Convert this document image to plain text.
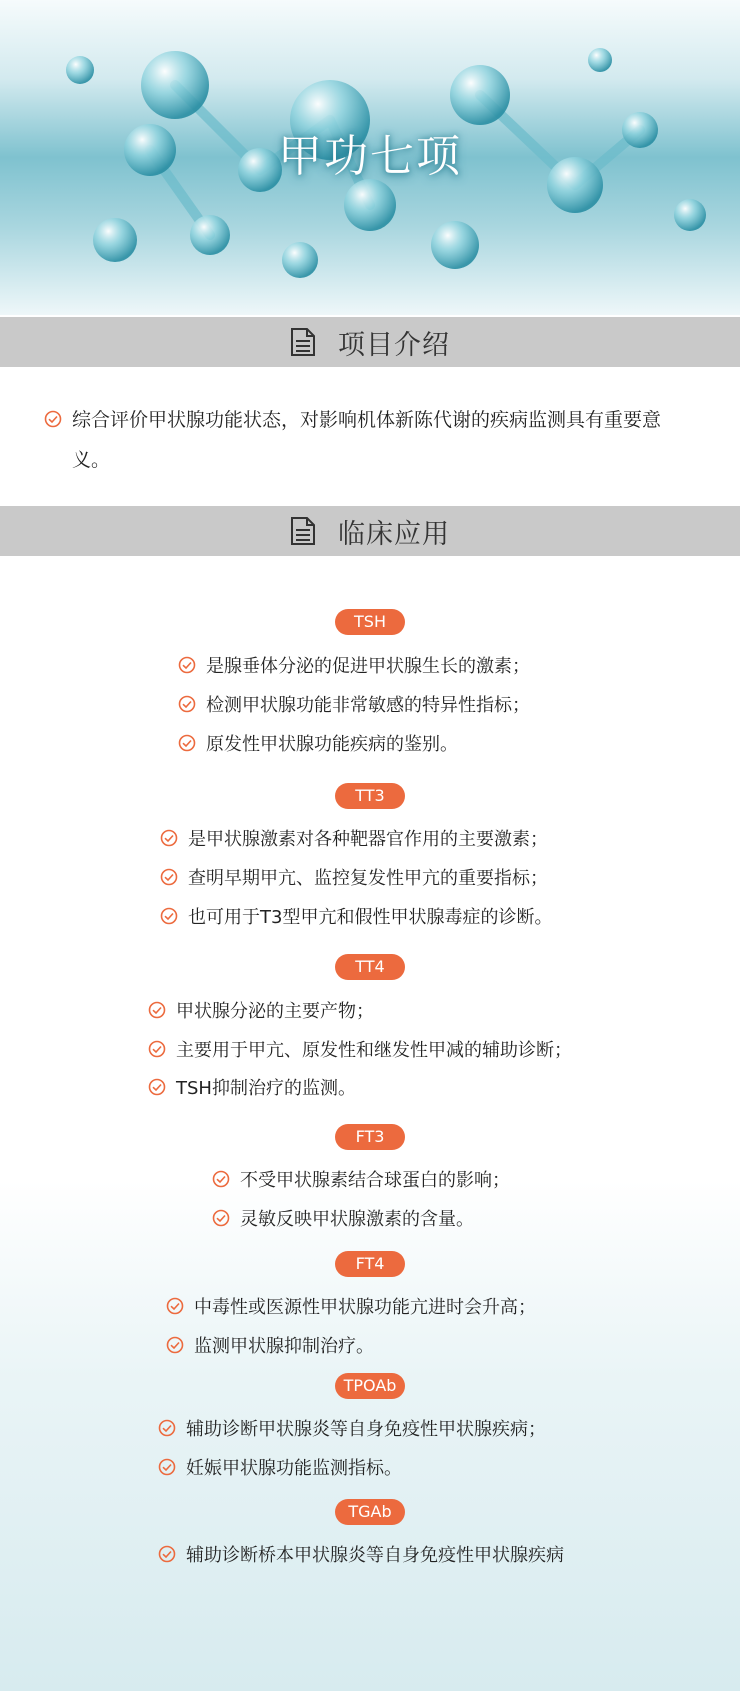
甲功七项
项目介绍
综合评价甲状腺功能状态，对影响机体新陈代谢的疾病监测具有重要意义。
临床应用
TSH
是腺垂体分泌的促进甲状腺生长的激素；
检测甲状腺功能非常敏感的特异性指标；
原发性甲状腺功能疾病的鉴别。
TT3
是甲状腺激素对各种靶器官作用的主要激素；
查明早期甲亢、监控复发性甲亢的重要指标；
也可用于T3型甲亢和假性甲状腺毒症的诊断。
TT4
甲状腺分泌的主要产物；
主要用于甲亢、原发性和继发性甲减的辅助诊断；
TSH抑制治疗的监测。
FT3
不受甲状腺素结合球蛋白的影响；
灵敏反映甲状腺激素的含量。
FT4
中毒性或医源性甲状腺功能亢进时会升高；
监测甲状腺抑制治疗。
TPOAb
辅助诊断甲状腺炎等自身免疫性甲状腺疾病；
妊娠甲状腺功能监测指标。
TGAb
辅助诊断桥本甲状腺炎等自身免疫性甲状腺疾病
